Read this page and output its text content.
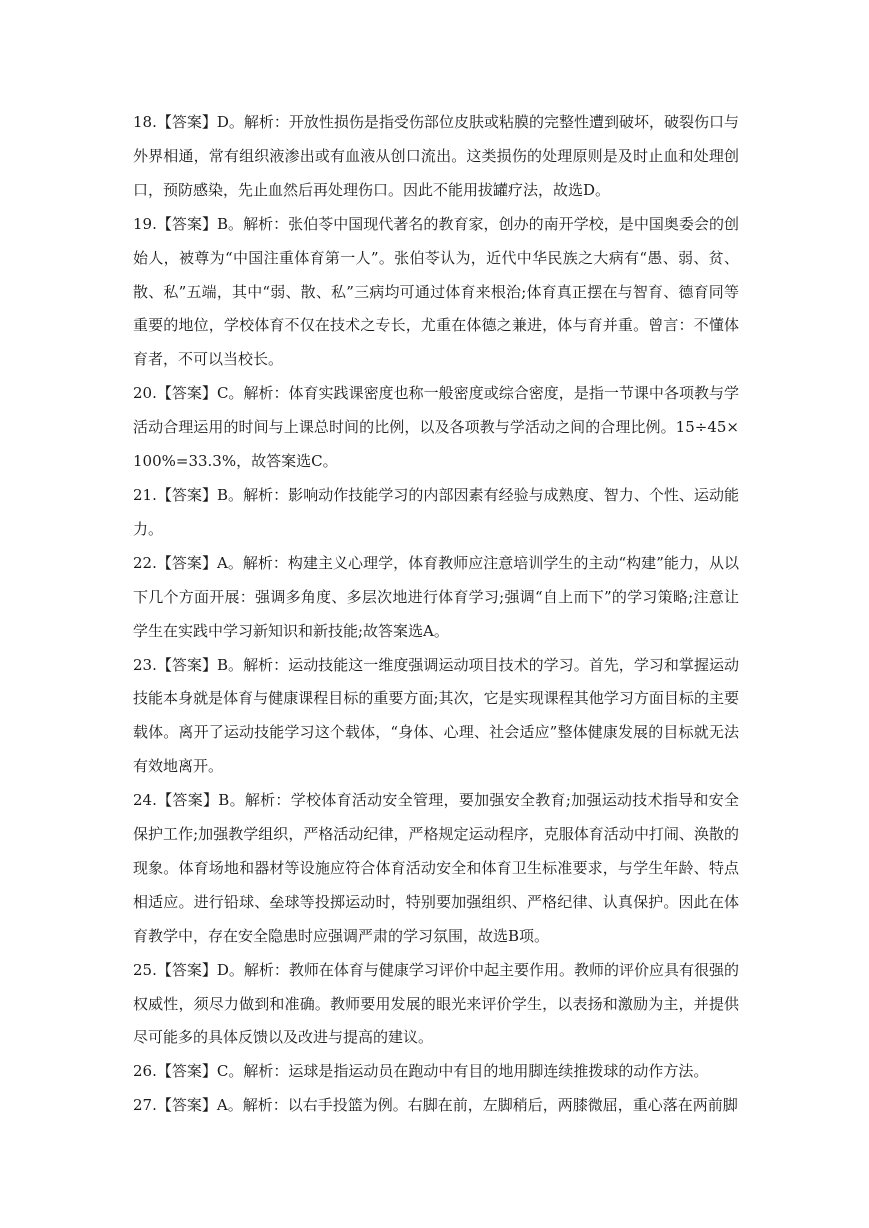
18.【答案】D。解析：开放性损伤是指受伤部位皮肤或粘膜的完整性遭到破坏，破裂伤口与外界相通，常有组织液渗出或有血液从创口流出。这类损伤的处理原则是及时止血和处理创口，预防感染，先止血然后再处理伤口。因此不能用拔罐疗法，故选D。

19.【答案】B。解析：张伯苓中国现代著名的教育家，创办的南开学校，是中国奥委会的创始人，被尊为“中国注重体育第一人”。张伯苓认为，近代中华民族之大病有“愚、弱、贫、散、私”五端，其中“弱、散、私”三病均可通过体育来根治;体育真正摆在与智育、德育同等重要的地位，学校体育不仅在技术之专长，尤重在体德之兼进，体与育并重。曾言：不懂体育者，不可以当校长。

20.【答案】C。解析：体育实践课密度也称一般密度或综合密度，是指一节课中各项教与学活动合理运用的时间与上课总时间的比例，以及各项教与学活动之间的合理比例。15÷45×100%=33.3%，故答案选C。

21.【答案】B。解析：影响动作技能学习的内部因素有经验与成熟度、智力、个性、运动能力。

22.【答案】A。解析：构建主义心理学，体育教师应注意培训学生的主动“构建”能力，从以下几个方面开展：强调多角度、多层次地进行体育学习;强调“自上而下”的学习策略;注意让学生在实践中学习新知识和新技能;故答案选A。

23.【答案】B。解析：运动技能这一维度强调运动项目技术的学习。首先，学习和掌握运动技能本身就是体育与健康课程目标的重要方面;其次，它是实现课程其他学习方面目标的主要载体。离开了运动技能学习这个载体，“身体、心理、社会适应”整体健康发展的目标就无法有效地离开。

24.【答案】B。解析：学校体育活动安全管理，要加强安全教育;加强运动技术指导和安全保护工作;加强教学组织，严格活动纪律，严格规定运动程序，克服体育活动中打闹、涣散的现象。体育场地和器材等设施应符合体育活动安全和体育卫生标准要求，与学生年龄、特点相适应。进行铅球、垒球等投掷运动时，特别要加强组织、严格纪律、认真保护。因此在体育教学中，存在安全隐患时应强调严肃的学习氛围，故选B项。

25.【答案】D。解析：教师在体育与健康学习评价中起主要作用。教师的评价应具有很强的权威性，须尽力做到和准确。教师要用发展的眼光来评价学生，以表扬和激励为主，并提供尽可能多的具体反馈以及改进与提高的建议。

26.【答案】C。解析：运球是指运动员在跑动中有目的地用脚连续推拨球的动作方法。

27.【答案】A。解析：以右手投篮为例。右脚在前，左脚稍后，两膝微屈，重心落在两前脚
